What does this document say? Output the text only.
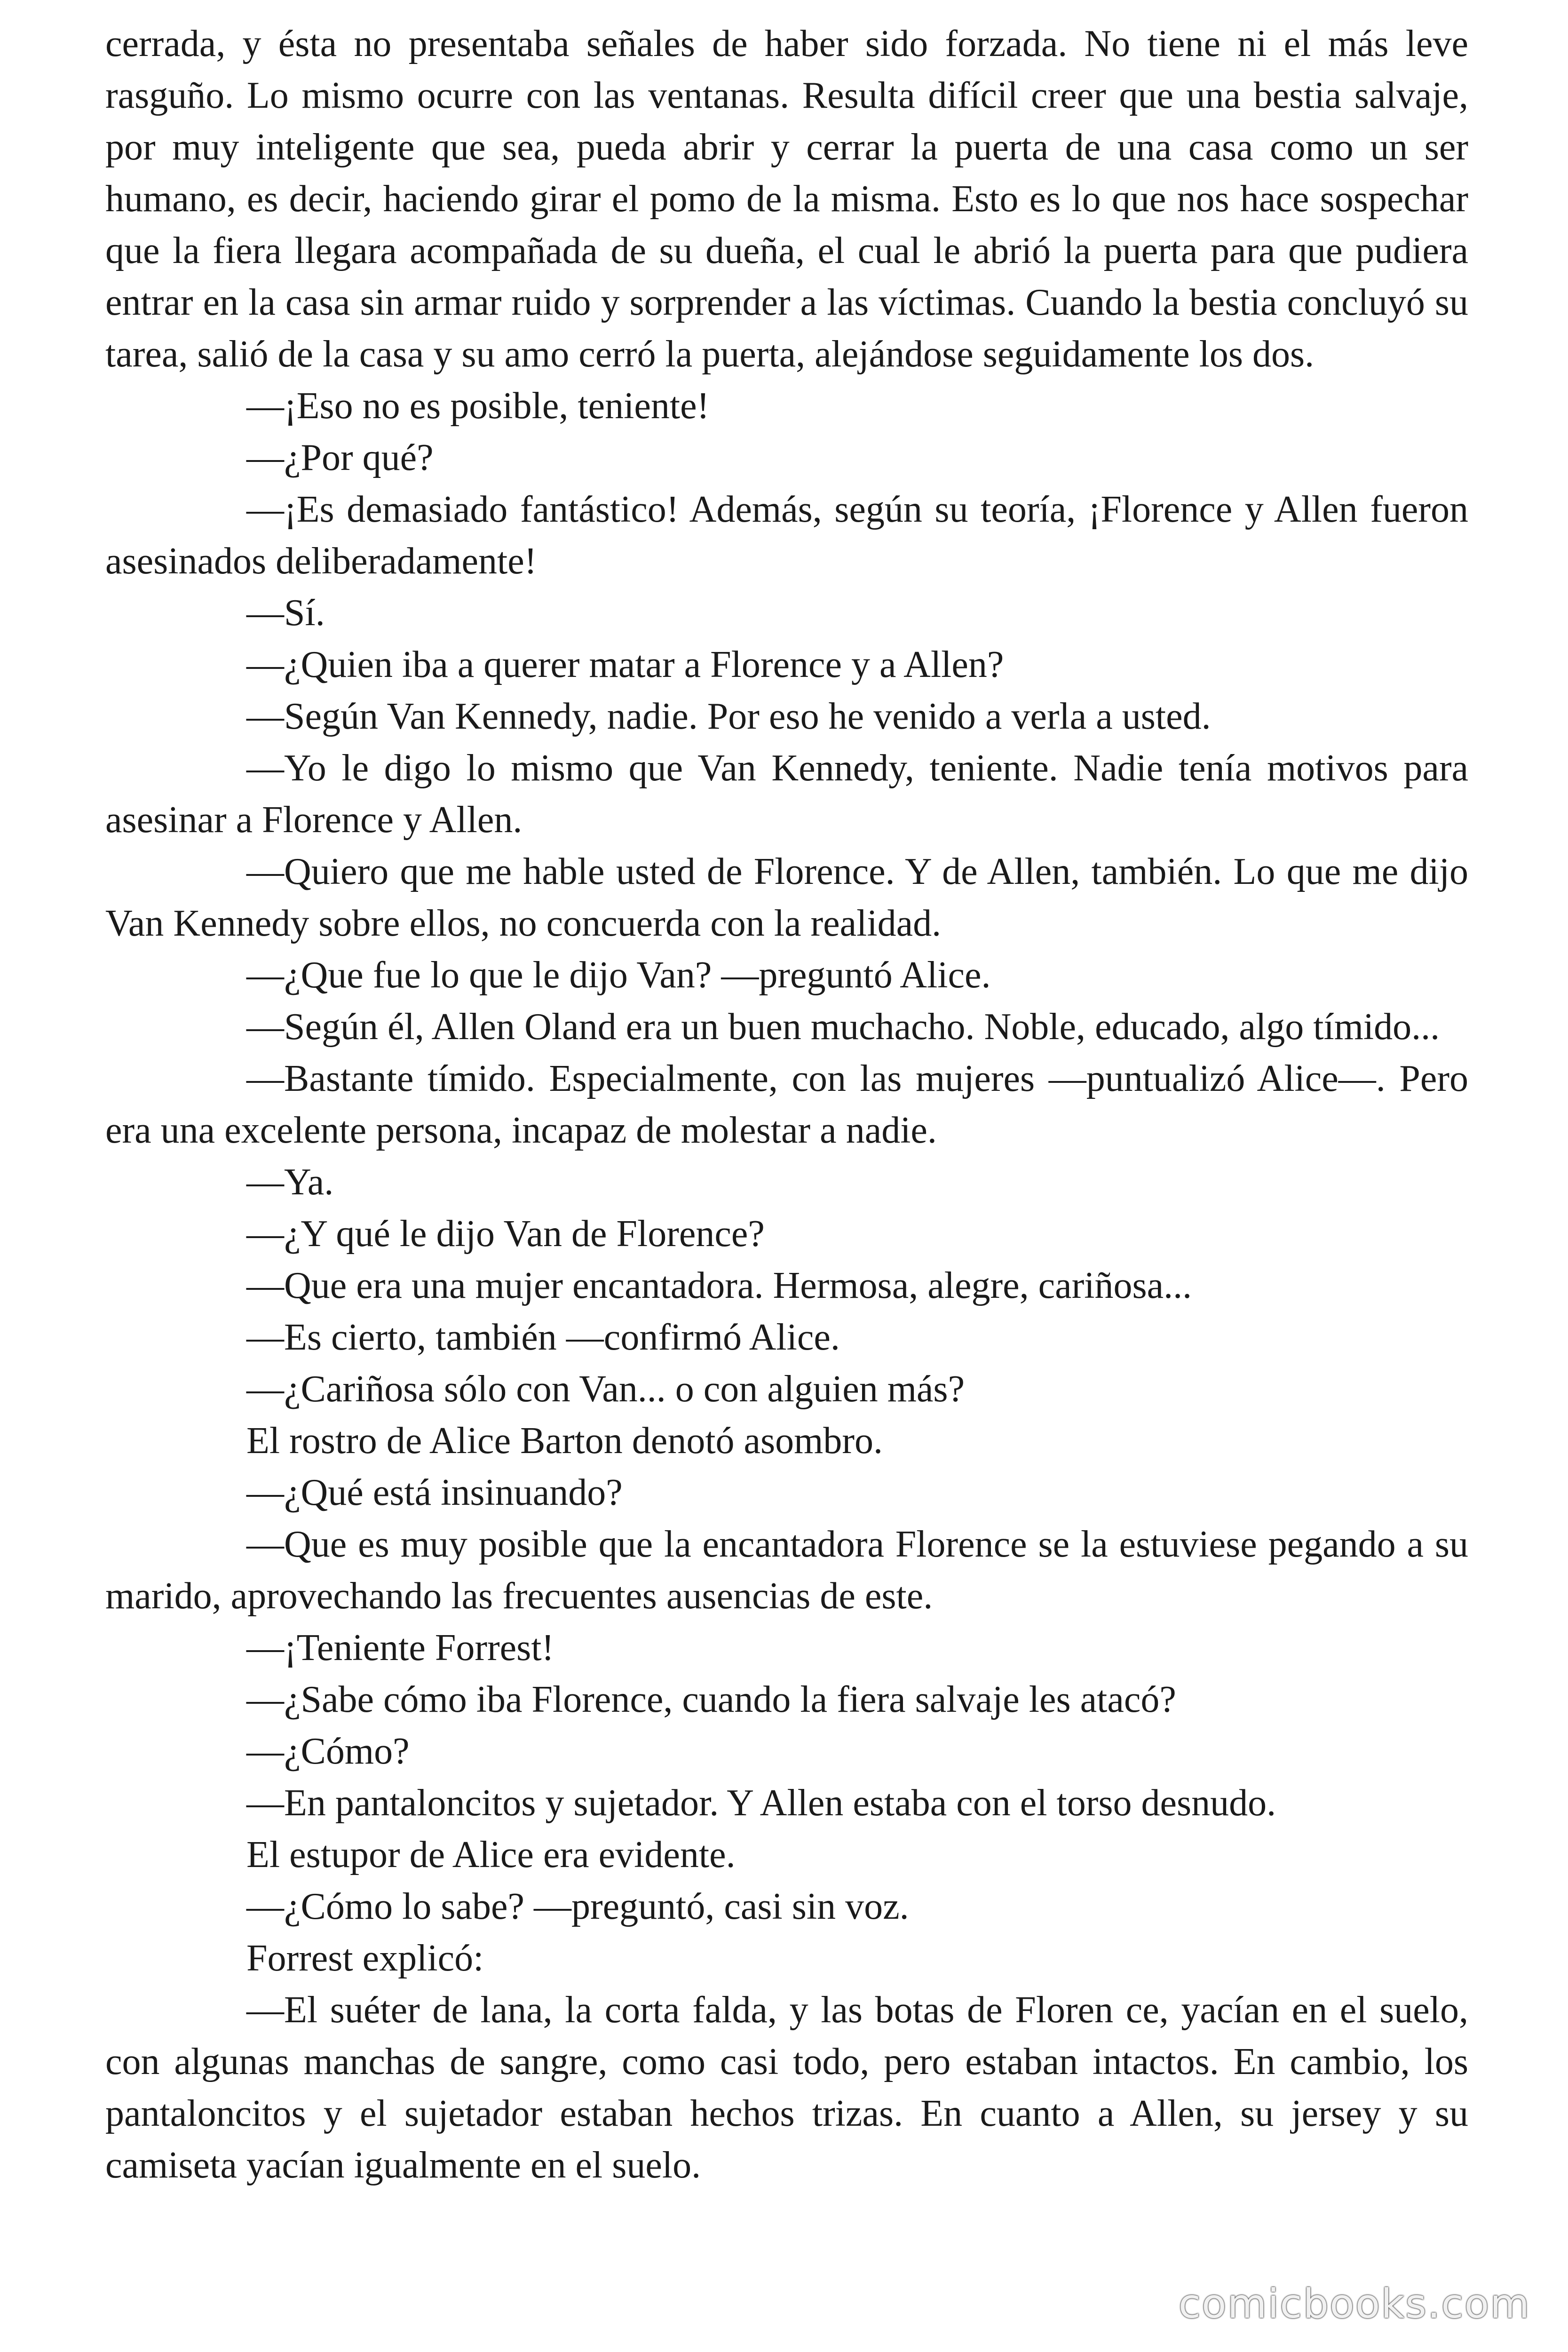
cerrada, y ésta no presentaba señales de haber sido forzada. No tiene ni el más leve rasguño. Lo mismo ocurre con las ventanas. Resulta difícil creer que una bestia salvaje, por muy inteligente que sea, pueda abrir y cerrar la puerta de una casa como un ser humano, es decir, haciendo girar el pomo de la misma. Esto es lo que nos hace sospechar que la fiera llegara acompañada de su dueña, el cual le abrió la puerta para que pudiera entrar en la casa sin armar ruido y sorprender a las víctimas. Cuando la bestia concluyó su tarea, salió de la casa y su amo cerró la puerta, alejándose seguidamente los dos.

—¡Eso no es posible, teniente!

—¿Por qué?

—¡Es demasiado fantástico! Además, según su teoría, ¡Florence y Allen fueron asesinados deliberadamente!

—Sí.

—¿Quien iba a querer matar a Florence y a Allen?

—Según Van Kennedy, nadie. Por eso he venido a verla a usted.

—Yo le digo lo mismo que Van Kennedy, teniente. Nadie tenía motivos para asesinar a Florence y Allen.

—Quiero que me hable usted de Florence. Y de Allen, también. Lo que me dijo Van Kennedy sobre ellos, no concuerda con la realidad.

—¿Que fue lo que le dijo Van? —preguntó Alice.

—Según él, Allen Oland era un buen muchacho. Noble, educado, algo tímido...

—Bastante tímido. Especialmente, con las mujeres —puntualizó Alice—. Pero era una excelente persona, incapaz de molestar a nadie.

—Ya.

—¿Y qué le dijo Van de Florence?

—Que era una mujer encantadora. Hermosa, alegre, cariñosa...

—Es cierto, también —confirmó Alice.

—¿Cariñosa sólo con Van... o con alguien más?

El rostro de Alice Barton denotó asombro.

—¿Qué está insinuando?

—Que es muy posible que la encantadora Florence se la estuviese pegando a su marido, aprovechando las frecuentes ausencias de este.

—¡Teniente Forrest!

—¿Sabe cómo iba Florence, cuando la fiera salvaje les atacó?

—¿Cómo?

—En pantaloncitos y sujetador. Y Allen estaba con el torso desnudo.

El estupor de Alice era evidente.

—¿Cómo lo sabe? —preguntó, casi sin voz.

Forrest explicó:

—El suéter de lana, la corta falda, y las botas de Floren ce, yacían en el suelo, con algunas manchas de sangre, como casi todo, pero estaban intactos. En cambio, los pantaloncitos y el sujetador estaban hechos trizas. En cuanto a Allen, su jersey y su camiseta yacían igualmente en el suelo.

comicbooks.com
